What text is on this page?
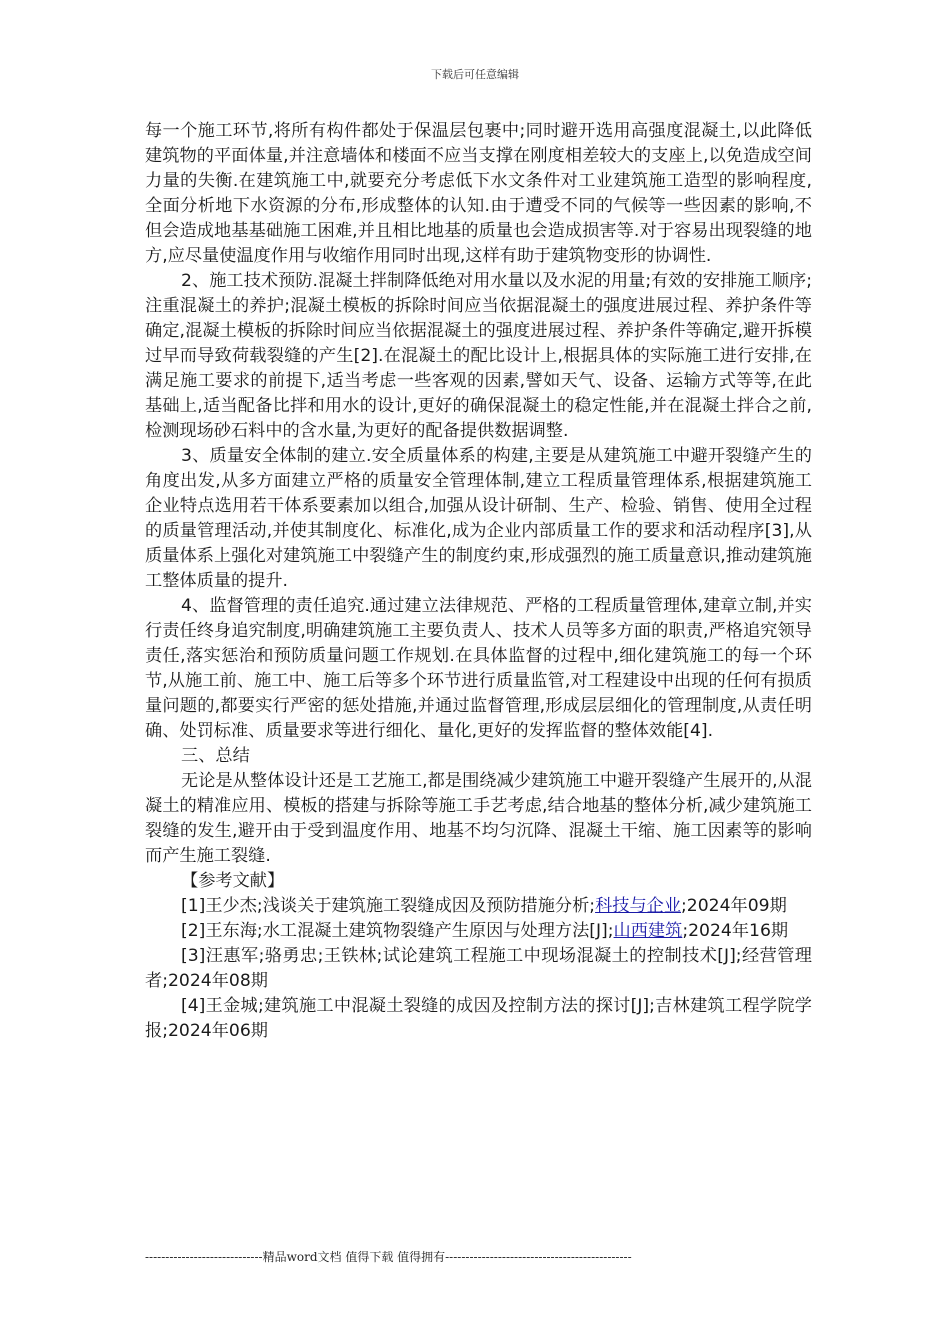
下载后可任意编辑

每一个施工环节,将所有构件都处于保温层包裹中;同时避开选用高强度混凝土,以此降低建筑物的平面体量,并注意墙体和楼面不应当支撑在刚度相差较大的支座上,以免造成空间力量的失衡.在建筑施工中,就要充分考虑低下水文条件对工业建筑施工造型的影响程度,全面分析地下水资源的分布,形成整体的认知.由于遭受不同的气候等一些因素的影响,不但会造成地基基础施工困难,并且相比地基的质量也会造成损害等.对于容易出现裂缝的地方,应尽量使温度作用与收缩作用同时出现,这样有助于建筑物变形的协调性.

2、施工技术预防.混凝土拌制降低绝对用水量以及水泥的用量;有效的安排施工顺序;注重混凝土的养护;混凝土模板的拆除时间应当依据混凝土的强度进展过程、养护条件等确定,混凝土模板的拆除时间应当依据混凝土的强度进展过程、养护条件等确定,避开拆模过早而导致荷载裂缝的产生[2].在混凝土的配比设计上,根据具体的实际施工进行安排,在满足施工要求的前提下,适当考虑一些客观的因素,譬如天气、设备、运输方式等等,在此基础上,适当配备比拌和用水的设计,更好的确保混凝土的稳定性能,并在混凝土拌合之前,检测现场砂石料中的含水量,为更好的配备提供数据调整.

3、质量安全体制的建立.安全质量体系的构建,主要是从建筑施工中避开裂缝产生的角度出发,从多方面建立严格的质量安全管理体制,建立工程质量管理体系,根据建筑施工企业特点选用若干体系要素加以组合,加强从设计研制、生产、检验、销售、使用全过程的质量管理活动,并使其制度化、标准化,成为企业内部质量工作的要求和活动程序[3],从质量体系上强化对建筑施工中裂缝产生的制度约束,形成强烈的施工质量意识,推动建筑施工整体质量的提升.

4、监督管理的责任追究.通过建立法律规范、严格的工程质量管理体,建章立制,并实行责任终身追究制度,明确建筑施工主要负责人、技术人员等多方面的职责,严格追究领导责任,落实惩治和预防质量问题工作规划.在具体监督的过程中,细化建筑施工的每一个环节,从施工前、施工中、施工后等多个环节进行质量监管,对工程建设中出现的任何有损质量问题的,都要实行严密的惩处措施,并通过监督管理,形成层层细化的管理制度,从责任明确、处罚标准、质量要求等进行细化、量化,更好的发挥监督的整体效能[4].

三、总结

无论是从整体设计还是工艺施工,都是围绕减少建筑施工中避开裂缝产生展开的,从混凝土的精准应用、模板的搭建与拆除等施工手艺考虑,结合地基的整体分析,减少建筑施工裂缝的发生,避开由于受到温度作用、地基不均匀沉降、混凝土干缩、施工因素等的影响而产生施工裂缝.

【参考文献】

[1]王少杰;浅谈关于建筑施工裂缝成因及预防措施分析;科技与企业;2024年09期

[2]王东海;水工混凝土建筑物裂缝产生原因与处理方法[J];山西建筑;2024年16期

[3]汪惠军;骆勇忠;王铁林;试论建筑工程施工中现场混凝土的控制技术[J];经营管理者;2024年08期

[4]王金城;建筑施工中混凝土裂缝的成因及控制方法的探讨[J];吉林建筑工程学院学报;2024年06期

-----------------------------精品word文档 值得下载 值得拥有----------------------------------------------
